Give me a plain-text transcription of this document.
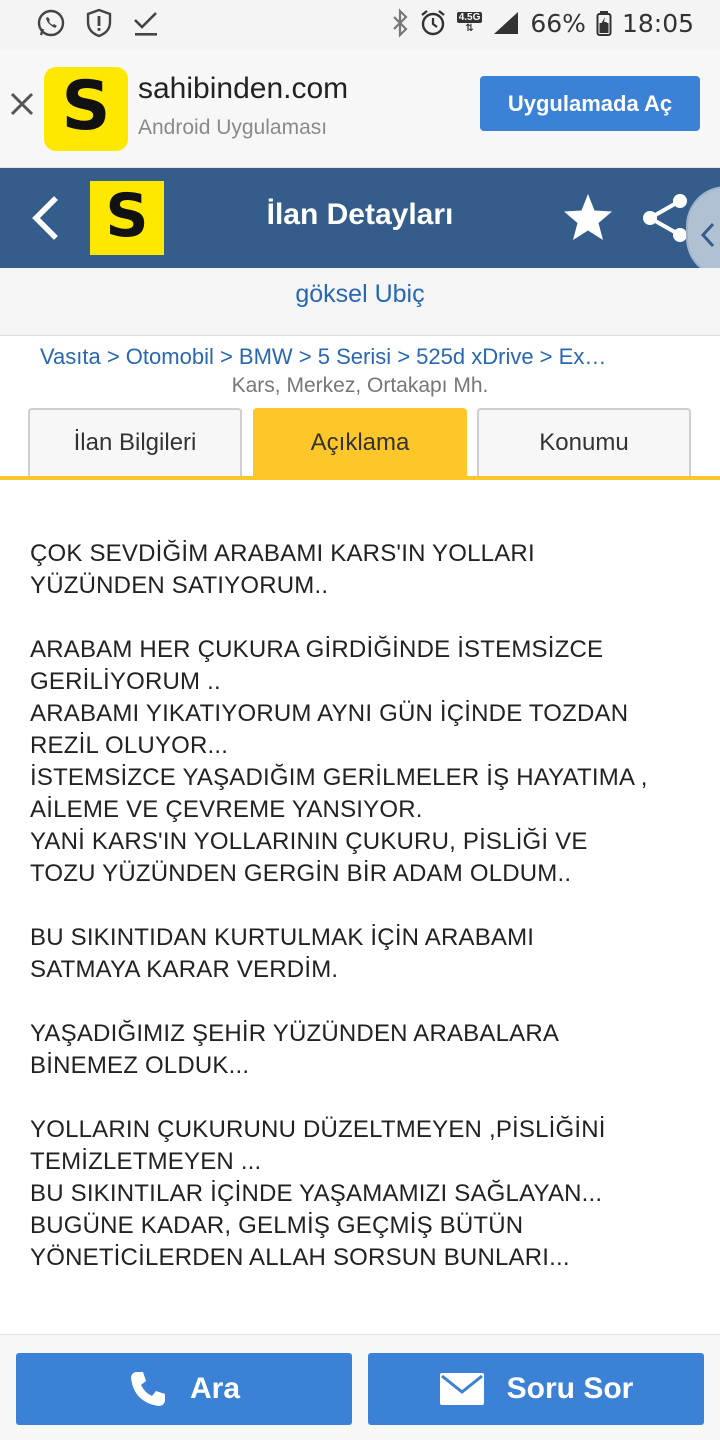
4.5G
⇅	66% 18:05
S sahibinden.com
Android Uygulaması
Uygulamada Aç
S	İlan Detayları
göksel Ubiç
Vasıta > Otomobil > BMW > 5 Serisi > 525d xDrive > Ex…
Kars, Merkez, Ortakapı Mh.
İlan Bilgileri	Açıklama	Konumu

ÇOK SEVDİĞİM ARABAMI KARS'IN YOLLARI
YÜZÜNDEN SATIYORUM..

ARABAM HER ÇUKURA GİRDİĞİNDE İSTEMSİZCE
GERİLİYORUM ..
ARABAMI YIKATIYORUM AYNI GÜN İÇİNDE TOZDAN
REZİL OLUYOR...
İSTEMSİZCE YAŞADIĞIM GERİLMELER İŞ HAYATIMA ,
AİLEME VE ÇEVREME YANSIYOR.
YANİ KARS'IN YOLLARININ ÇUKURU, PİSLİĞİ VE
TOZU YÜZÜNDEN GERGİN BİR ADAM OLDUM..

BU SIKINTIDAN KURTULMAK İÇİN ARABAMI
SATMAYA KARAR VERDİM.

YAŞADIĞIMIZ ŞEHİR YÜZÜNDEN ARABALARA
BİNEMEZ OLDUK...

YOLLARIN ÇUKURUNU DÜZELTMEYEN ,PİSLİĞİNİ
TEMİZLETMEYEN ...
BU SIKINTILAR İÇİNDE YAŞAMAMIZI SAĞLAYAN...
BUGÜNE KADAR, GELMİŞ GEÇMİŞ BÜTÜN
YÖNETİCİLERDEN ALLAH SORSUN BUNLARI...

Ara	Soru Sor
